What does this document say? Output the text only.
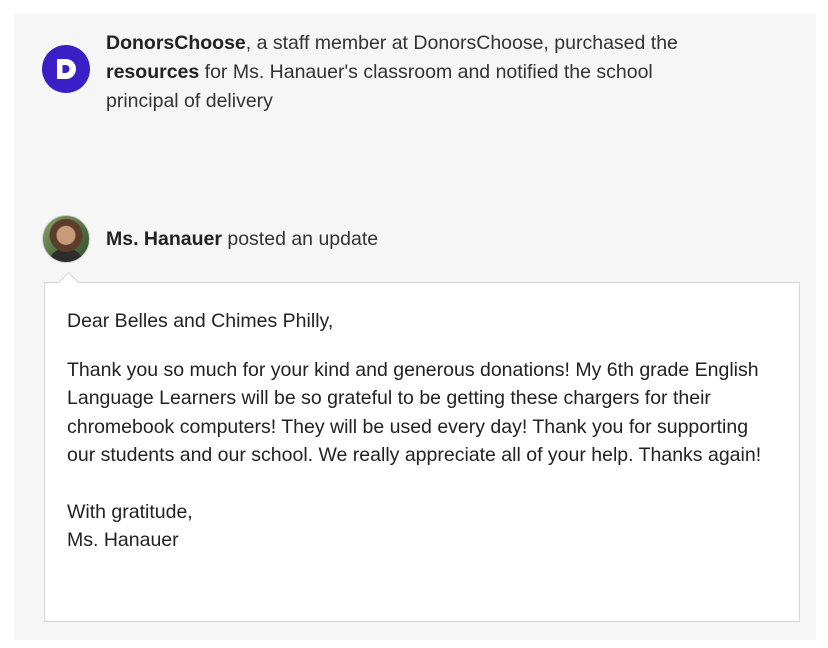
DonorsChoose, a staff member at DonorsChoose, purchased the resources for Ms. Hanauer's classroom and notified the school principal of delivery
Ms. Hanauer posted an update

Dear Belles and Chimes Philly,

Thank you so much for your kind and generous donations! My 6th grade English Language Learners will be so grateful to be getting these chargers for their chromebook computers! They will be used every day! Thank you for supporting our students and our school. We really appreciate all of your help. Thanks again!

With gratitude,

Ms. Hanauer
